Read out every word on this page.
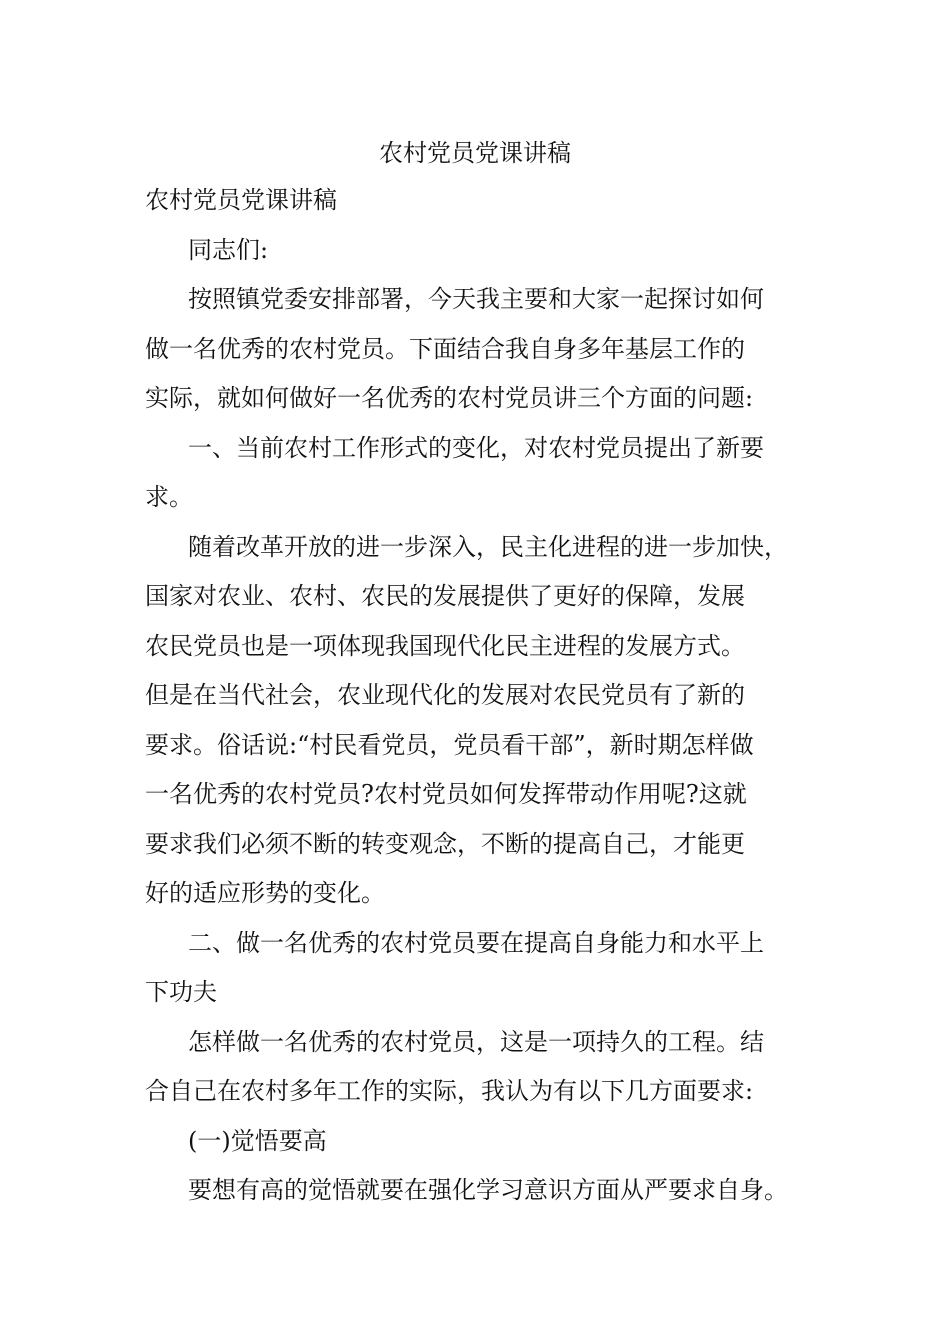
农村党员党课讲稿
农村党员党课讲稿
同志们:
按照镇党委安排部署，今天我主要和大家一起探讨如何
做一名优秀的农村党员。下面结合我自身多年基层工作的
实际，就如何做好一名优秀的农村党员讲三个方面的问题:
一、当前农村工作形式的变化，对农村党员提出了新要
求。
随着改革开放的进一步深入，民主化进程的进一步加快，
国家对农业、农村、农民的发展提供了更好的保障，发展
农民党员也是一项体现我国现代化民主进程的发展方式。
但是在当代社会，农业现代化的发展对农民党员有了新的
要求。俗话说:“村民看党员，党员看干部”，新时期怎样做
一名优秀的农村党员?农村党员如何发挥带动作用呢?这就
要求我们必须不断的转变观念，不断的提高自己，才能更
好的适应形势的变化。
二、做一名优秀的农村党员要在提高自身能力和水平上
下功夫
怎样做一名优秀的农村党员，这是一项持久的工程。结
合自己在农村多年工作的实际，我认为有以下几方面要求:
(一)觉悟要高
要想有高的觉悟就要在强化学习意识方面从严要求自身。
